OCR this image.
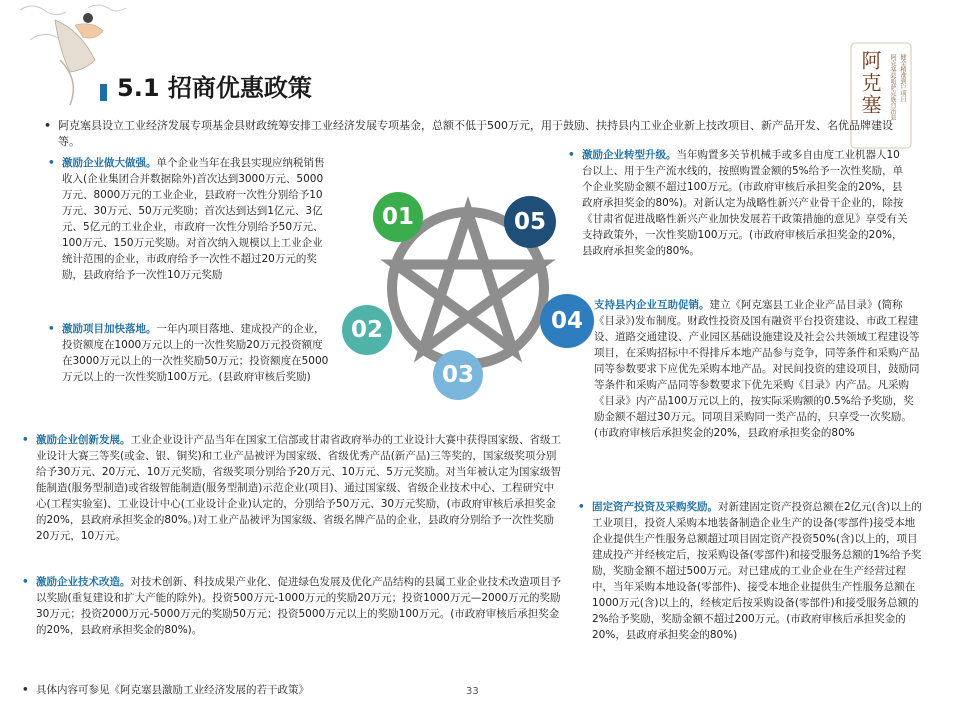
阿克塞	健全精准到户项目
阿克塞县哈萨克族自治县
5.1 招商优惠政策

• 阿克塞县设立工业经济发展专项基金县财政统筹安排工业经济发展专项基金，总额不低于500万元，用于鼓励、扶持县内工业企业新上技改项目、新产品开发、名优品牌建设等。

• 激励企业做大做强。单个企业当年在我县实现应纳税销售收入(企业集团合并数据除外)首次达到3000万元、5000万元、8000万元的工业企业，县政府一次性分别给予10万元、30万元、50万元奖励；首次达到达到1亿元、3亿元、5亿元的工业企业，市政府一次性分别给予50万元、100万元、150万元奖励。对首次纳入规模以上工业企业统计范围的企业，市政府给予一次性不超过20万元的奖励，县政府给予一次性10万元奖励

• 激励项目加快落地。一年内项目落地、建成投产的企业，投资额度在1000万元以上的一次性奖励20万元投资额度在3000万元以上的一次性奖励50万元；投资额度在5000万元以上的一次性奖励100万元。(县政府审核后奖励)

• 激励企业创新发展。工业企业设计产品当年在国家工信部或甘肃省政府举办的工业设计大赛中获得国家级、省级工业设计大赛三等奖(或金、银、铜奖)和工业产品被评为国家级、省级优秀产品(新产品)三等奖的，国家级奖项分别给予30万元、20万元、10万元奖励，省级奖项分别给予20万元、10万元、5万元奖励。对当年被认定为国家级智能制造(服务型制造)或省级智能制造(服务型制造)示范企业(项目)、通过国家级、省级企业技术中心、工程研究中心(工程实验室)、工业设计中心(工业设计企业)认定的，分别给予50万元、30万元奖励，(市政府审核后承担奖金的20%，县政府承担奖金的80%。)对工业产品被评为国家级、省级名牌产品的企业，县政府分别给予一次性奖励20万元，10万元。

• 激励企业技术改造。对技术创新、科技成果产业化、促进绿色发展及优化产品结构的县属工业企业技术改造项目予以奖励(重复建设和扩大产能的除外)。投资500万元-1000万元的奖励20万元；投资1000万元—2000万元的奖励30万元；投资2000万元-5000万元的奖励50万元；投资5000万元以上的奖励100万元。(市政府审核后承担奖金的20%，县政府承担奖金的80%)。

• 激励企业转型升级。当年购置多关节机械手或多自由度工业机器人10台以上、用于生产流水线的，按照购置金额的5%给予一次性奖励，单个企业奖励金额不超过100万元。(市政府审核后承担奖金的20%，县政府承担奖金的80%)。对新认定为战略性新兴产业骨干企业的，除按《甘肃省促进战略性新兴产业加快发展若干政策措施的意见》享受有关支持政策外，一次性奖励100万元。(市政府审核后承担奖金的20%，县政府承担奖金的80%。

支持县内企业互助促销。建立《阿克塞县工业企业产品目录》(简称《目录》)发布制度。财政性投资及国有融资平台投资建设、市政工程建设、道路交通建设、产业园区基础设施建设及社会公共领域工程建设等项目，在采购招标中不得排斥本地产品参与竞争，同等条件和采购产品同等参数要求下应优先采购本地产品。对民间投资的建设项目，鼓励同等条件和采购产品同等参数要求下优先采购《目录》内产品。凡采购《目录》内产品100万元以上的，按实际采购额的0.5%给予奖励，奖励金额不超过30万元。同项目采购同一类产品的，只享受一次奖励。(市政府审核后承担奖金的20%，县政府承担奖金的80%

• 固定资产投资及采购奖励。对新建固定资产投资总额在2亿元(含)以上的工业项目，投资人采购本地装备制造企业生产的设备(零部件)接受本地企业提供生产性服务总额超过项目固定资产投资50%(含)以上的，项目建成投产并经核定后，按采购设备(零部件)和接受服务总额的1%给予奖励，奖励金额不超过500万元。对已建成的工业企业在生产经营过程中，当年采购本地设备(零部件)、接受本地企业提供生产性服务总额在1000万元(含)以上的，经核定后按采购设备(零部件)和接受服务总额的2%给予奖励，奖励金额不超过200万元。(市政府审核后承担奖金的20%，县政府承担奖金的80%)

01	05
02
03
04

• 具体内容可参见《阿克塞县激励工业经济发展的若干政策》	33
